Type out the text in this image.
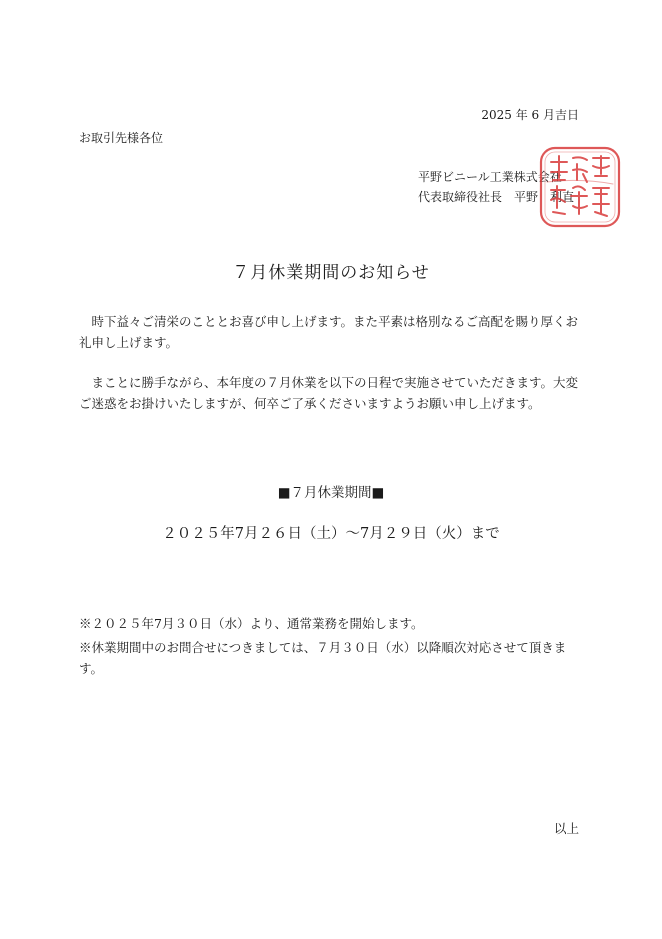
2025 年 6 月吉日
お取引先様各位
平野ビニール工業株式会社
代表取締役社長　平野　利直
７月休業期間のお知らせ
　時下益々ご清栄のこととお喜び申し上げます。また平素は格別なるご高配を賜り厚くお礼申し上げます。
　まことに勝手ながら、本年度の７月休業を以下の日程で実施させていただきます。大変ご迷惑をお掛けいたしますが、何卒ご了承くださいますようお願い申し上げます。
■７月休業期間■
２０２５年7月２６日（土）～7月２９日（火）まで
※２０２５年7月３０日（水）より、通常業務を開始します。
※休業期間中のお問合せにつきましては、７月３０日（水）以降順次対応させて頂きます。
以上
